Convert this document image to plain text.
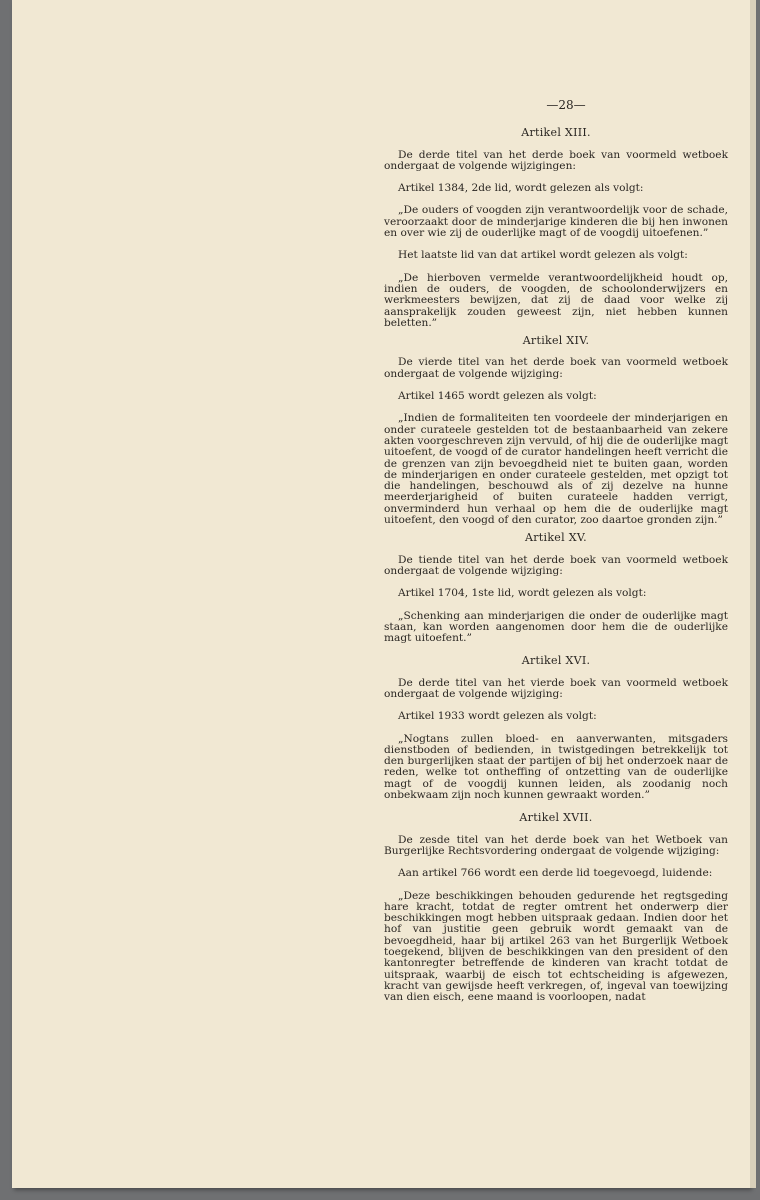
—28—
Artikel XIII.

De derde titel van het derde boek van voormeld wetboek ondergaat de volgende wijzigingen:

Artikel 1384, 2de lid, wordt gelezen als volgt:

„De ouders of voogden zijn verantwoordelijk voor de schade, veroorzaakt door de minderjarige kinderen die bij hen inwonen en over wie zij de ouderlijke magt of de voogdij uitoefenen.”

Het laatste lid van dat artikel wordt gelezen als volgt:

„De hierboven vermelde verantwoordelijkheid houdt op, indien de ouders, de voogden, de schoolonderwijzers en werkmeesters bewijzen, dat zij de daad voor welke zij aansprakelijk zouden geweest zijn, niet hebben kunnen beletten.”

Artikel XIV.

De vierde titel van het derde boek van voormeld wetboek ondergaat de volgende wijziging:

Artikel 1465 wordt gelezen als volgt:

„Indien de formaliteiten ten voordeele der minderjarigen en onder curateele gestelden tot de bestaanbaarheid van zekere akten voorgeschreven zijn vervuld, of hij die de ouderlijke magt uitoefent, de voogd of de curator handelingen heeft verricht die de grenzen van zijn bevoegdheid niet te buiten gaan, worden de minderjarigen en onder curateele gestelden, met opzigt tot die handelingen, beschouwd als of zij dezelve na hunne meerderjarigheid of buiten curateele hadden verrigt, onverminderd hun verhaal op hem die de ouderlijke magt uitoefent, den voogd of den curator, zoo daartoe gronden zijn.”

Artikel XV.

De tiende titel van het derde boek van voormeld wetboek ondergaat de volgende wijziging:

Artikel 1704, 1ste lid, wordt gelezen als volgt:

„Schenking aan minderjarigen die onder de ouderlijke magt staan, kan worden aangenomen door hem die de ouderlijke magt uitoefent.”

Artikel XVI.

De derde titel van het vierde boek van voormeld wetboek ondergaat de volgende wijziging:

Artikel 1933 wordt gelezen als volgt:

„Nogtans zullen bloed- en aanverwanten, mitsgaders dienstboden of bedienden, in twistgedingen betrekkelijk tot den burgerlijken staat der partijen of bij het onderzoek naar de reden, welke tot ontheffing of ontzetting van de ouderlijke magt of de voogdij kunnen leiden, als zoodanig noch onbekwaam zijn noch kunnen gewraakt worden.”

Artikel XVII.

De zesde titel van het derde boek van het Wetboek van Burgerlijke Rechtsvordering ondergaat de volgende wijziging:

Aan artikel 766 wordt een derde lid toegevoegd, luidende:

„Deze beschikkingen behouden gedurende het regtsgeding hare kracht, totdat de regter omtrent het onderwerp dier beschikkingen mogt hebben uitspraak gedaan. Indien door het hof van justitie geen gebruik wordt gemaakt van de bevoegdheid, haar bij artikel 263 van het Burgerlijk Wetboek toegekend, blijven de beschikkingen van den president of den kantonregter betreffende de kinderen van kracht totdat de uitspraak, waarbij de eisch tot echtscheiding is afgewezen, kracht van gewijsde heeft verkregen, of, ingeval van toewijzing van dien eisch, eene maand is voorloopen, nadat
